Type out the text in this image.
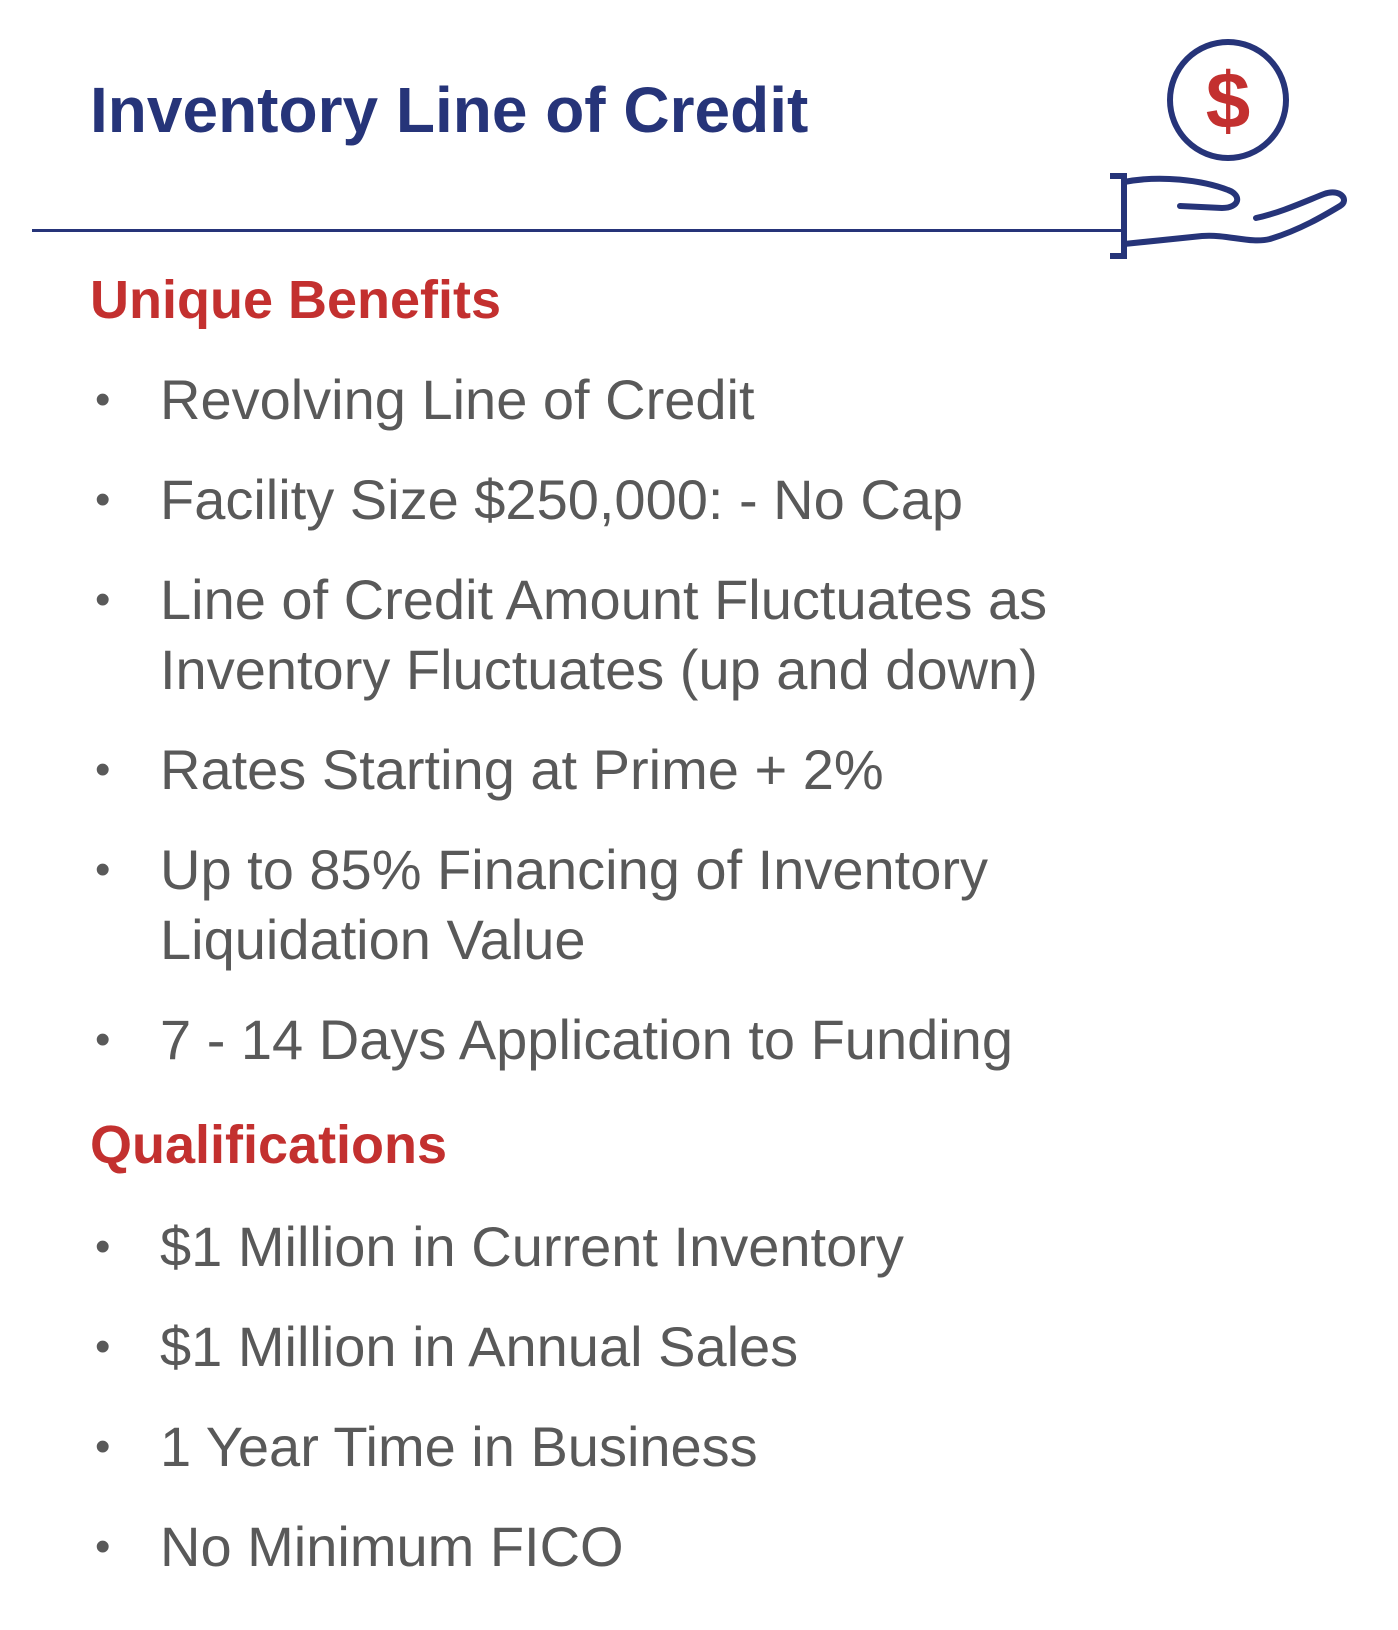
Inventory Line of Credit	$
Unique Benefits
• Revolving Line of Credit
• Facility Size $250,000: - No Cap
• Line of Credit Amount Fluctuates as Inventory Fluctuates (up and down)
• Rates Starting at Prime + 2%
• Up to 85% Financing of Inventory Liquidation Value
• 7 - 14 Days Application to Funding
Qualifications
• $1 Million in Current Inventory
• $1 Million in Annual Sales
• 1 Year Time in Business
• No Minimum FICO
